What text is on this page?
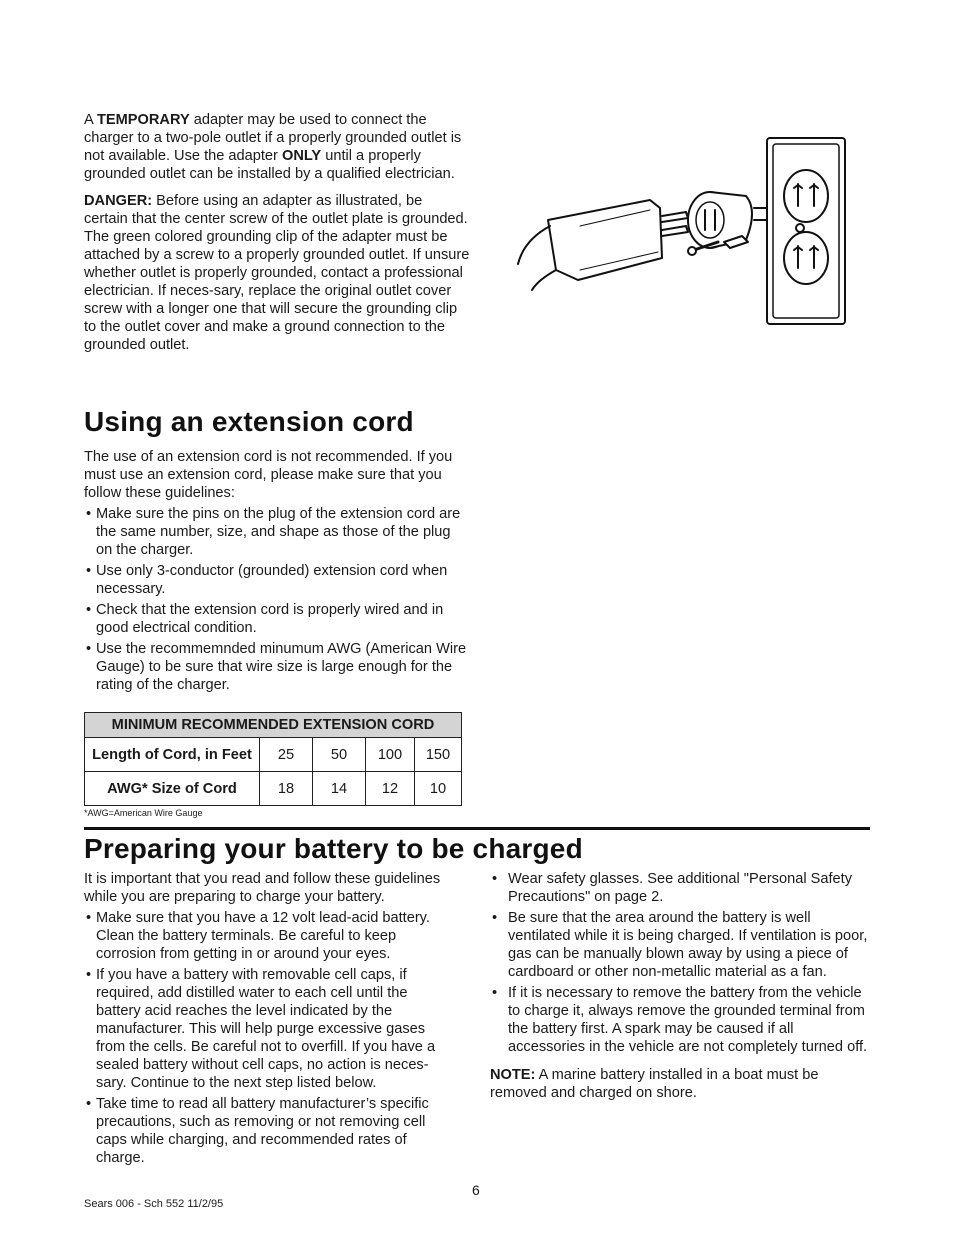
A TEMPORARY adapter may be used to connect the charger to a two-pole outlet if a properly grounded outlet is not available. Use the adapter ONLY until a properly grounded outlet can be installed by a qualified electrician.

DANGER: Before using an adapter as illustrated, be certain that the center screw of the outlet plate is grounded. The green colored grounding clip of the adapter must be attached by a screw to a properly grounded outlet. If unsure whether outlet is properly grounded, contact a professional electrician. If neces-sary, replace the original outlet cover screw with a longer one that will secure the grounding clip to the outlet cover and make a ground connection to the grounded outlet.

Using an extension cord

The use of an extension cord is not recommended. If you must use an extension cord, please make sure that you follow these guidelines:

• Make sure the pins on the plug of the extension cord are the same number, size, and shape as those of the plug on the charger.
• Use only 3-conductor (grounded) extension cord when necessary.
• Check that the extension cord is properly wired and in good electrical condition.
• Use the recommemnded minumum AWG (American Wire Gauge) to be sure that wire size is large enough for the rating of the charger.
MINIMUM RECOMMENDED EXTENSION CORD				
Length of Cord, in Feet	25	50	100	150
AWG* Size of Cord	18	14	12	10
*AWG=American Wire Gauge
Preparing your battery to be charged

It is important that you read and follow these guidelines while you are preparing to charge your battery.

• Make sure that you have a 12 volt lead-acid battery. Clean the battery terminals. Be careful to keep corrosion from getting in or around your eyes.
• If you have a battery with removable cell caps, if required, add distilled water to each cell until the battery acid reaches the level indicated by the manufacturer. This will help purge excessive gases from the cells. Be careful not to overfill. If you have a sealed battery without cell caps, no action is neces-sary. Continue to the next step listed below.
• Take time to read all battery manufacturer’s specific precautions, such as removing or not removing cell caps while charging, and recommended rates of charge.
• Wear safety glasses. See additional "Personal Safety Precautions" on page 2.
• Be sure that the area around the battery is well ventilated while it is being charged. If ventilation is poor, gas can be manually blown away by using a piece of cardboard or other non-metallic material as a fan.
• If it is necessary to remove the battery from the vehicle to charge it, always remove the grounded terminal from the battery first. A spark may be caused if all accessories in the vehicle are not completely turned off.

NOTE: A marine battery installed in a boat must be removed and charged on shore.

6
Sears 006 - Sch 552 11/2/95
